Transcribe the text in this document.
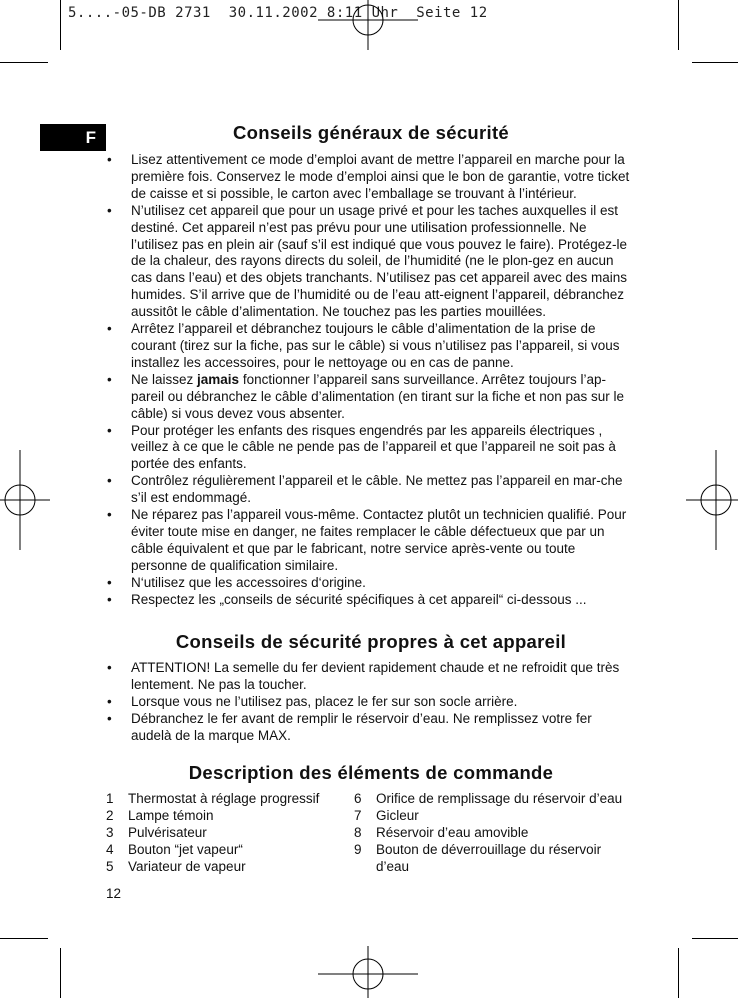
5....-05-DB 2731  30.11.2002 8:11 Uhr  Seite 12
F	Conseils généraux de sécurité
• Lisez attentivement ce mode d’emploi avant de mettre l’appareil en marche pour la première fois. Conservez le mode d’emploi ainsi que le bon de garantie, votre ticket de caisse et si possible, le carton avec l’emballage se trouvant à l’intérieur.
• N’utilisez cet appareil que pour un usage privé et pour les taches auxquelles il est destiné. Cet appareil n’est pas prévu pour une utilisation professionnelle. Ne l’utilisez pas en plein air (sauf s’il est indiqué que vous pouvez le faire). Protégez-le de la chaleur, des rayons directs du soleil, de l’humidité (ne le plon-gez en aucun cas dans l’eau) et des objets tranchants. N’utilisez pas cet appareil avec des mains humides. S’il arrive que de l’humidité ou de l’eau att-eignent l’appareil, débranchez aussitôt le câble d’alimentation. Ne touchez pas les parties mouillées.
• Arrêtez l’appareil et débranchez toujours le câble d’alimentation de la prise de courant (tirez sur la fiche, pas sur le câble) si vous n’utilisez pas l’appareil, si vous installez les accessoires, pour le nettoyage ou en cas de panne.
• Ne laissez jamais fonctionner l’appareil sans surveillance. Arrêtez toujours l’ap-pareil ou débranchez le câble d’alimentation (en tirant sur la fiche et non pas sur le câble) si vous devez vous absenter.
• Pour protéger les enfants des risques engendrés par les appareils électriques , veillez à ce que le câble ne pende pas de l’appareil et que l’appareil ne soit pas à portée des enfants.
• Contrôlez régulièrement l’appareil et le câble. Ne mettez pas l’appareil en mar-che s’il est endommagé.
• Ne réparez pas l’appareil vous-même. Contactez plutôt un technicien qualifié. Pour éviter toute mise en danger, ne faites remplacer le câble défectueux que par un câble équivalent et que par le fabricant, notre service après-vente ou toute personne de qualification similaire.
• N‘utilisez que les accessoires d‘origine.
• Respectez les „conseils de sécurité spécifiques à cet appareil“ ci-dessous ...
Conseils de sécurité propres à cet appareil
• ATTENTION! La semelle du fer devient rapidement chaude et ne refroidit que très lentement. Ne pas la toucher.
• Lorsque vous ne l’utilisez pas, placez le fer sur son socle arrière.
• Débranchez le fer avant de remplir le réservoir d’eau. Ne remplissez votre fer audelà de la marque MAX.
Description des éléments de commande
1	Thermostat à réglage progressif
2	Lampe témoin
3	Pulvérisateur
4	Bouton “jet vapeur“
5	Variateur de vapeur
6	Orifice de remplissage du réservoir d’eau
7	Gicleur
8	Réservoir d’eau amovible
9	Bouton de déverrouillage du réservoir d’eau
12
